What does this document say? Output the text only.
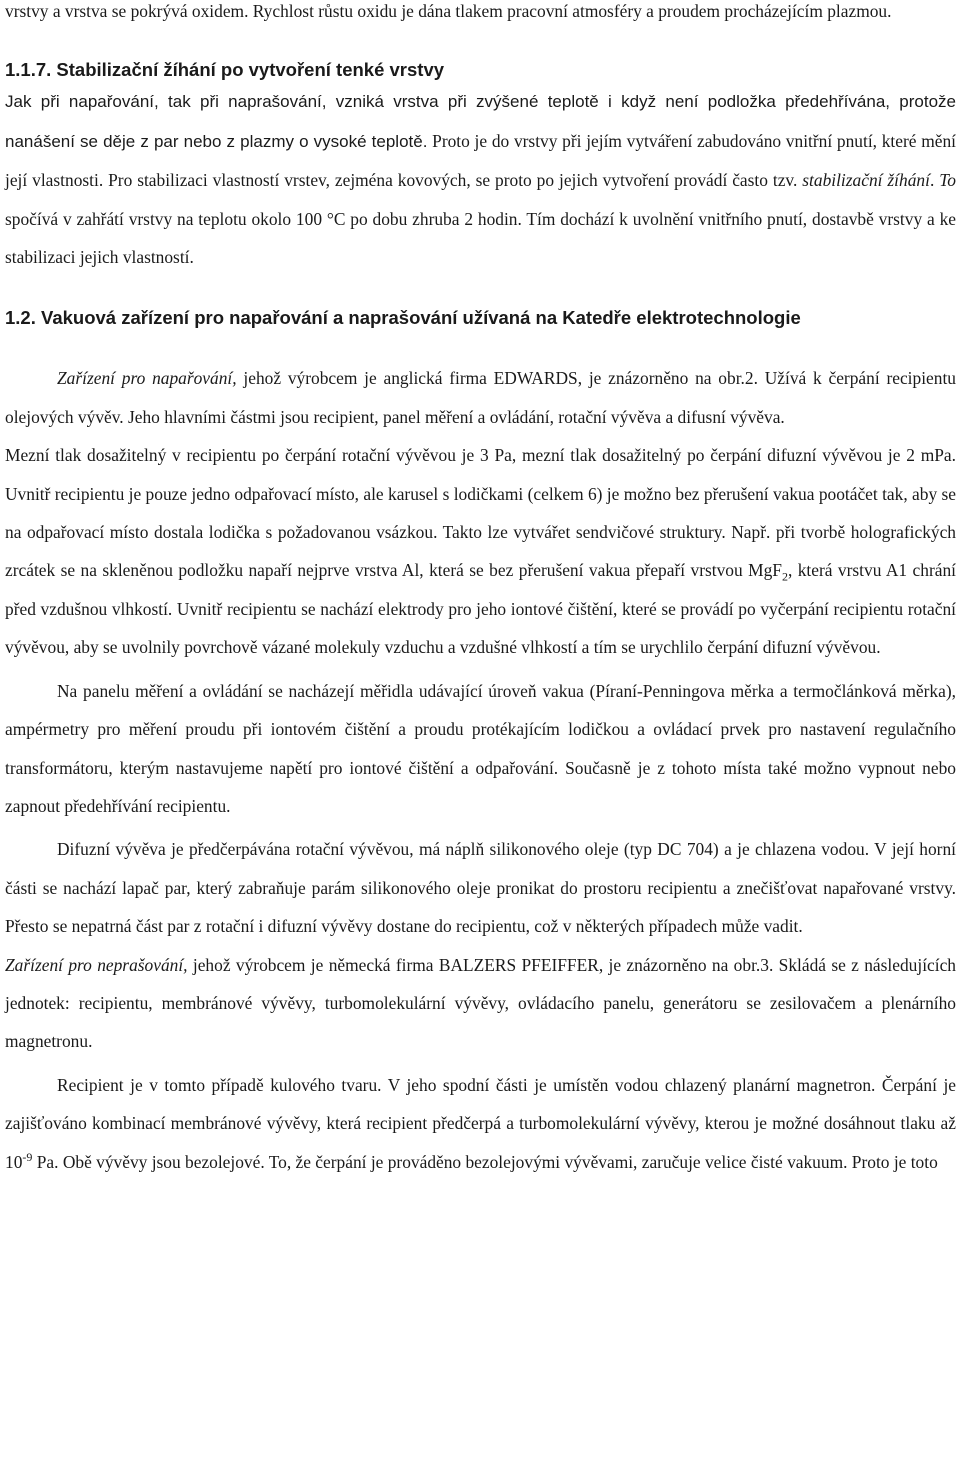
vrstvy a vrstva se pokrývá oxidem. Rychlost růstu oxidu je dána tlakem pracovní atmosféry a proudem procházejícím plazmou.

1.1.7. Stabilizační žíhání po vytvoření tenké vrstvy

Jak při napařování, tak při naprašování, vzniká vrstva při zvýšené teplotě i když není podložka předehřívána, protože nanášení se děje z par nebo z plazmy o vysoké teplotě. Proto je do vrstvy při jejím vytváření zabudováno vnitřní pnutí, které mění její vlastnosti. Pro stabilizaci vlastností vrstev, zejména kovových, se proto po jejich vytvoření provádí často tzv. stabilizační žíhání. To spočívá v zahřátí vrstvy na teplotu okolo 100 °C po dobu zhruba 2 hodin. Tím dochází k uvolnění vnitřního pnutí, dostavbě vrstvy a ke stabilizaci jejich vlastností.

1.2. Vakuová zařízení pro napařování a naprašování užívaná na Katedře elektrotechnologie

Zařízení pro napařování, jehož výrobcem je anglická firma EDWARDS, je znázorněno na obr.2. Užívá k čerpání recipientu olejových vývěv. Jeho hlavními částmi jsou recipient, panel měření a ovládání, rotační vývěva a difusní vývěva.

Mezní tlak dosažitelný v recipientu po čerpání rotační vývěvou je 3 Pa, mezní tlak dosažitelný po čerpání difuzní vývěvou je 2 mPa. Uvnitř recipientu je pouze jedno odpařovací místo, ale karusel s lodičkami (celkem 6) je možno bez přerušení vakua pootáčet tak, aby se na odpařovací místo dostala lodička s požadovanou vsázkou. Takto lze vytvářet sendvičové struktury. Např. při tvorbě holografických zrcátek se na skleněnou podložku napaří nejprve vrstva Al, která se bez přerušení vakua přepaří vrstvou MgF$_2$, která vrstvu A1 chrání před vzdušnou vlhkostí. Uvnitř recipientu se nachází elektrody pro jeho iontové čištění, které se provádí po vyčerpání recipientu rotační vývěvou, aby se uvolnily povrchově vázané molekuly vzduchu a vzdušné vlhkostí a tím se urychlilo čerpání difuzní vývěvou.

Na panelu měření a ovládání se nacházejí měřidla udávající úroveň vakua (Píraní-Penningova měrka a termočlánková měrka), ampérmetry pro měření proudu při iontovém čištění a proudu protékajícím lodičkou a ovládací prvek pro nastavení regulačního transformátoru, kterým nastavujeme napětí pro iontové čištění a odpařování. Současně je z tohoto místa také možno vypnout nebo zapnout předehřívání recipientu.

Difuzní vývěva je předčerpávána rotační vývěvou, má náplň silikonového oleje (typ DC 704) a je chlazena vodou. V její horní části se nachází lapač par, který zabraňuje parám silikonového oleje pronikat do prostoru recipientu a znečišťovat napařované vrstvy. Přesto se nepatrná část par z rotační i difuzní vývěvy dostane do recipientu, což v některých případech může vadit.

Zařízení pro neprašování, jehož výrobcem je německá firma BALZERS PFEIFFER, je znázorněno na obr.3. Skládá se z následujících jednotek: recipientu, membránové vývěvy, turbomolekulární vývěvy, ovládacího panelu, generátoru se zesilovačem a plenárního magnetronu.

Recipient je v tomto případě kulového tvaru. V jeho spodní části je umístěn vodou chlazený planární magnetron. Čerpání je zajišťováno kombinací membránové vývěvy, která recipient předčerpá a turbomolekulární vývěvy, kterou je možné dosáhnout tlaku až $10^{-9}$ Pa. Obě vývěvy jsou bezolejové. To, že čerpání je prováděno bezolejovými vývěvami, zaručuje velice čisté vakuum. Proto je toto
